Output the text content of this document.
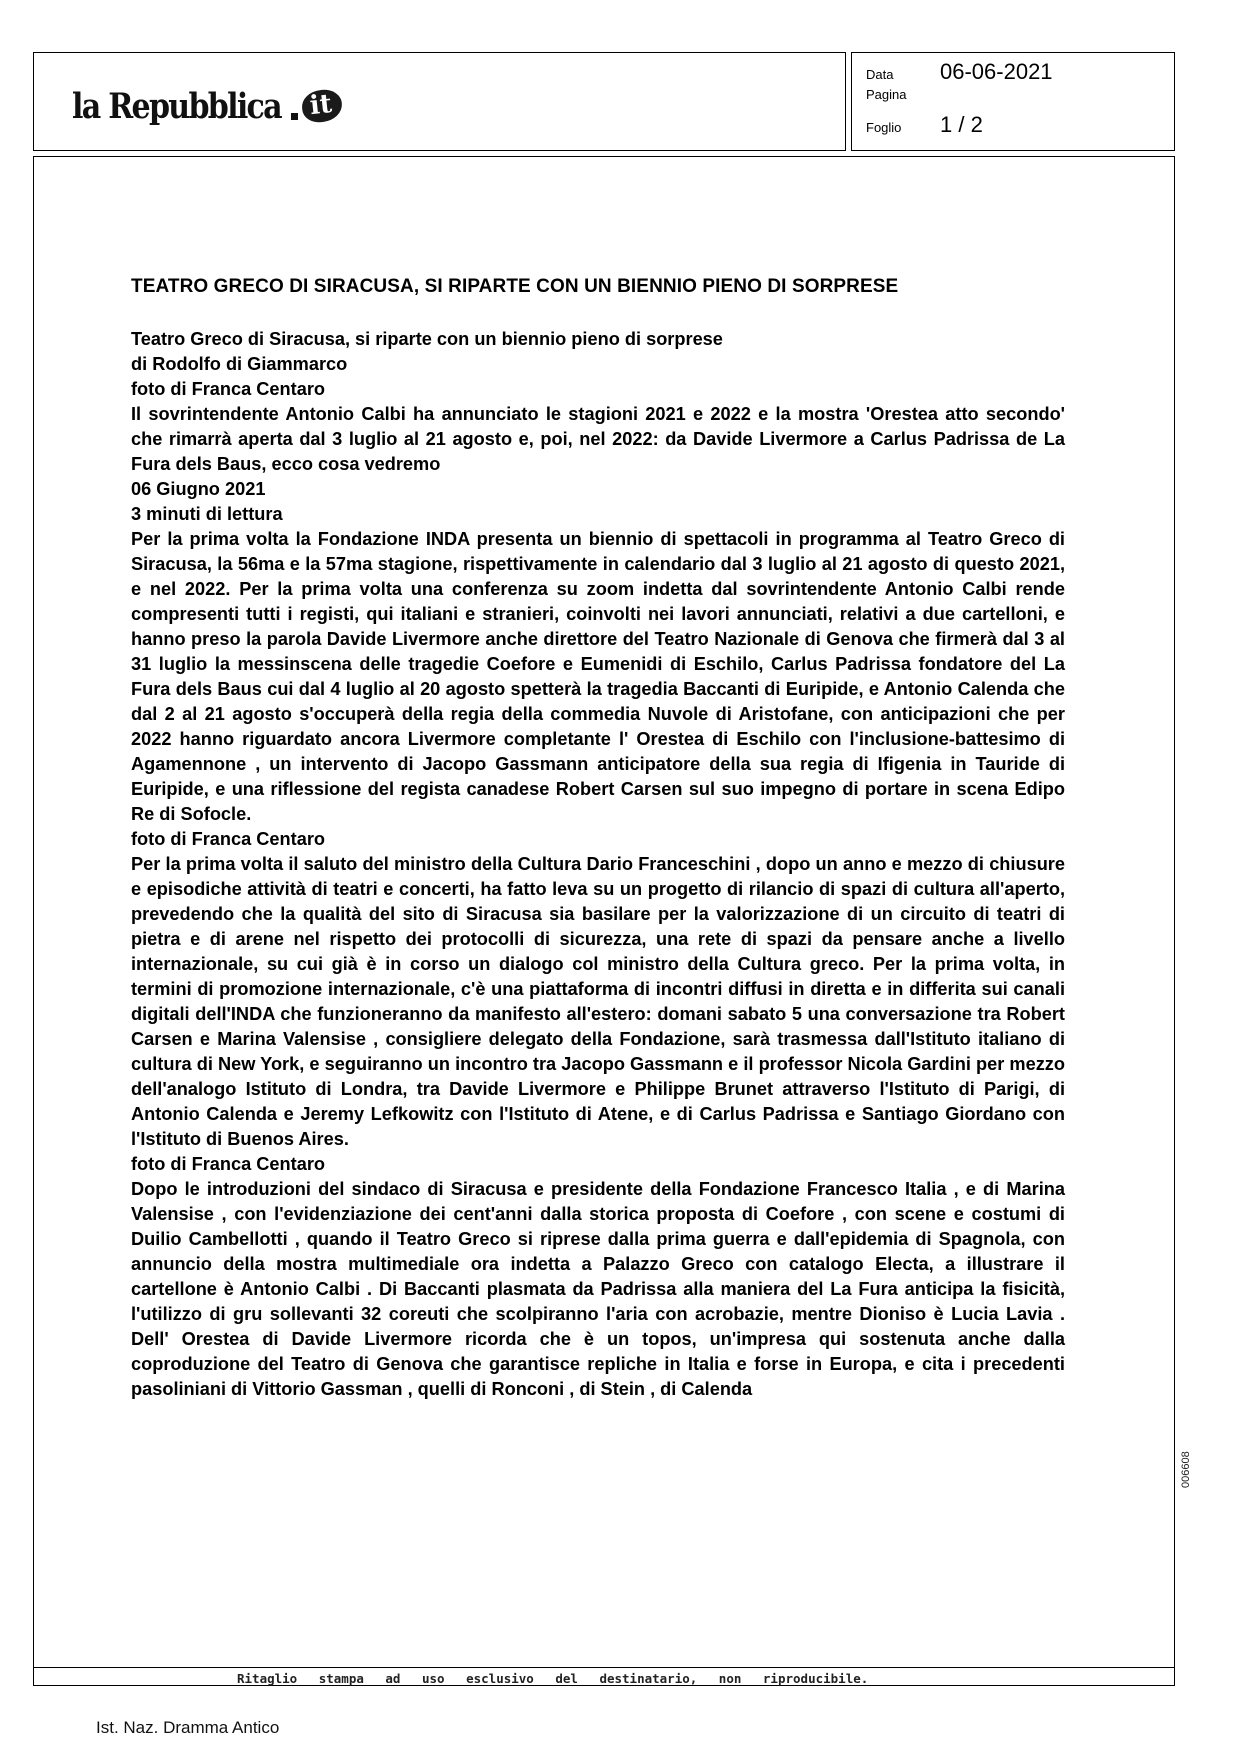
la Repubblica	it
Data	06-06-2021
Pagina
Foglio	1 / 2
Ritaglio stampa ad uso esclusivo del destinatario, non riproducibile.
TEATRO GRECO DI SIRACUSA, SI RIPARTE CON UN BIENNIO PIENO DI SORPRESE
Teatro Greco di Siracusa, si riparte con un biennio pieno di sorprese
di Rodolfo di Giammarco
foto di Franca Centaro
Il sovrintendente Antonio Calbi ha annunciato le stagioni 2021 e 2022 e la mostra 'Orestea atto secondo' che rimarrà aperta dal 3 luglio al 21 agosto e, poi, nel 2022: da Davide Livermore a Carlus Padrissa de La Fura dels Baus, ecco cosa vedremo
06 Giugno 2021
3 minuti di lettura
Per la prima volta la Fondazione INDA presenta un biennio di spettacoli in programma al Teatro Greco di Siracusa, la 56ma e la 57ma stagione, rispettivamente in calendario dal 3 luglio al 21 agosto di questo 2021, e nel 2022. Per la prima volta una conferenza su zoom indetta dal sovrintendente Antonio Calbi rende compresenti tutti i registi, qui italiani e stranieri, coinvolti nei lavori annunciati, relativi a due cartelloni, e hanno preso la parola Davide Livermore anche direttore del Teatro Nazionale di Genova che firmerà dal 3 al 31 luglio la messinscena delle tragedie Coefore e Eumenidi di Eschilo, Carlus Padrissa fondatore del La Fura dels Baus cui dal 4 luglio al 20 agosto spetterà la tragedia Baccanti di Euripide, e Antonio Calenda che dal 2 al 21 agosto s'occuperà della regia della commedia Nuvole di Aristofane, con anticipazioni che per 2022 hanno riguardato ancora Livermore completante l' Orestea di Eschilo con l'inclusione-battesimo di Agamennone , un intervento di Jacopo Gassmann anticipatore della sua regia di Ifigenia in Tauride di Euripide, e una riflessione del regista canadese Robert Carsen sul suo impegno di portare in scena Edipo Re di Sofocle.
foto di Franca Centaro
Per la prima volta il saluto del ministro della Cultura Dario Franceschini , dopo un anno e mezzo di chiusure e episodiche attività di teatri e concerti, ha fatto leva su un progetto di rilancio di spazi di cultura all'aperto, prevedendo che la qualità del sito di Siracusa sia basilare per la valorizzazione di un circuito di teatri di pietra e di arene nel rispetto dei protocolli di sicurezza, una rete di spazi da pensare anche a livello internazionale, su cui già è in corso un dialogo col ministro della Cultura greco. Per la prima volta, in termini di promozione internazionale, c'è una piattaforma di incontri diffusi in diretta e in differita sui canali digitali dell'INDA che funzioneranno da manifesto all'estero: domani sabato 5 una conversazione tra Robert Carsen e Marina Valensise , consigliere delegato della Fondazione, sarà trasmessa dall'Istituto italiano di cultura di New York, e seguiranno un incontro tra Jacopo Gassmann e il professor Nicola Gardini per mezzo dell'analogo Istituto di Londra, tra Davide Livermore e Philippe Brunet attraverso l'Istituto di Parigi, di Antonio Calenda e Jeremy Lefkowitz con l'Istituto di Atene, e di Carlus Padrissa e Santiago Giordano con l'Istituto di Buenos Aires.
foto di Franca Centaro
Dopo le introduzioni del sindaco di Siracusa e presidente della Fondazione Francesco Italia , e di Marina Valensise , con l'evidenziazione dei cent'anni dalla storica proposta di Coefore , con scene e costumi di Duilio Cambellotti , quando il Teatro Greco si riprese dalla prima guerra e dall'epidemia di Spagnola, con annuncio della mostra multimediale ora indetta a Palazzo Greco con catalogo Electa, a illustrare il cartellone è Antonio Calbi . Di Baccanti plasmata da Padrissa alla maniera del La Fura anticipa la fisicità, l'utilizzo di gru sollevanti 32 coreuti che scolpiranno l'aria con acrobazie, mentre Dioniso è Lucia Lavia . Dell' Orestea di Davide Livermore ricorda che è un topos, un'impresa qui sostenuta anche dalla coproduzione del Teatro di Genova che garantisce repliche in Italia e forse in Europa, e cita i precedenti pasoliniani di Vittorio Gassman , quelli di Ronconi , di Stein , di Calenda
006608
Ist. Naz. Dramma Antico
